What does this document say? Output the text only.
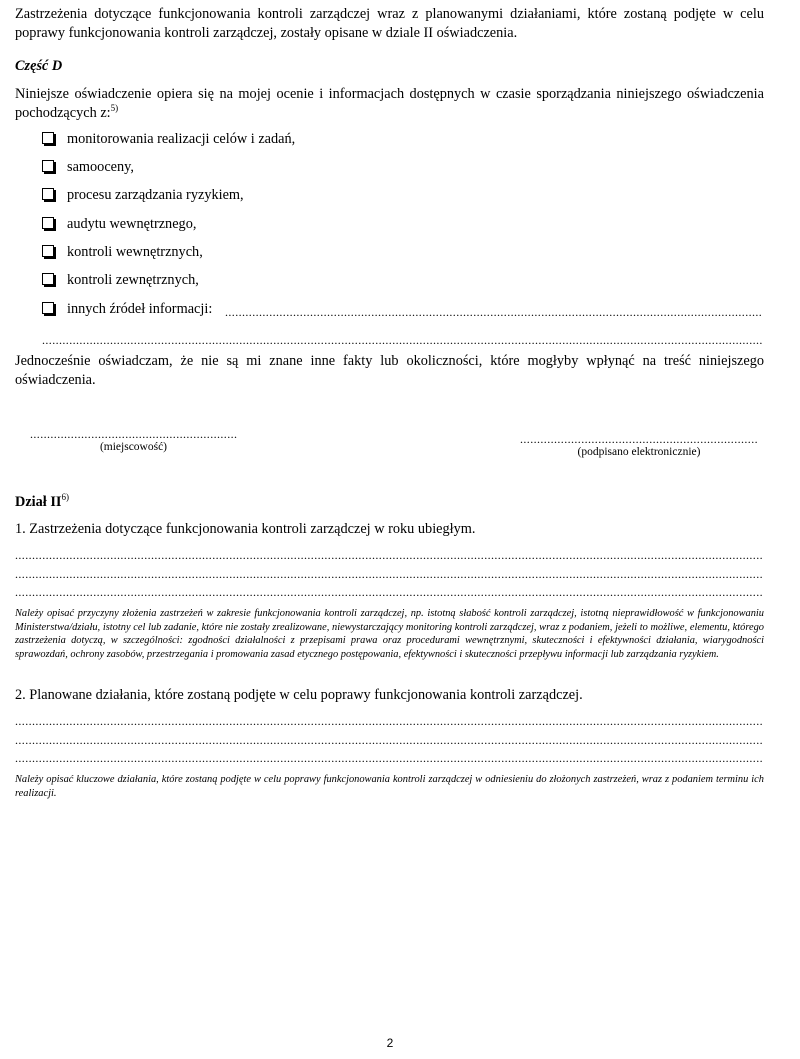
Zastrzeżenia dotyczące funkcjonowania kontroli zarządczej wraz z planowanymi działaniami, które zostaną podjęte w celu poprawy funkcjonowania kontroli zarządczej, zostały opisane w dziale II oświadczenia.
Część D
Niniejsze oświadczenie opiera się na mojej ocenie i informacjach dostępnych w czasie sporządzania niniejszego oświadczenia pochodzących z:$^{5)}$
monitorowania realizacji celów i zadań,
samooceny,
procesu zarządzania ryzykiem,
audytu wewnętrznego,
kontroli wewnętrznych,
kontroli zewnętrznych,
innych źródeł informacji:
.....
.....
Jednocześnie oświadczam, że nie są mi znane inne fakty lub okoliczności, które mogłyby wpłynąć na treść niniejszego oświadczenia.
.....
(miejscowość)
.....	(podpisano elektronicznie)
Dział II$^{6)}$
1. Zastrzeżenia dotyczące funkcjonowania kontroli zarządczej w roku ubiegłym.
.....
.....
.....
Należy opisać przyczyny złożenia zastrzeżeń w zakresie funkcjonowania kontroli zarządczej, np. istotną słabość kontroli zarządczej, istotną nieprawidłowość w funkcjonowaniu Ministerstwa/działu, istotny cel lub zadanie, które nie zostały zrealizowane, niewystarczający monitoring kontroli zarządczej, wraz z podaniem, jeżeli to możliwe, elementu, którego zastrzeżenia dotyczą, w szczególności: zgodności działalności z przepisami prawa oraz procedurami wewnętrznymi, skuteczności i efektywności działania, wiarygodności sprawozdań, ochrony zasobów, przestrzegania i promowania zasad etycznego postępowania, efektywności i skuteczności przepływu informacji lub zarządzania ryzykiem.
2. Planowane działania, które zostaną podjęte w celu poprawy funkcjonowania kontroli zarządczej.
.....
.....
.....
Należy opisać kluczowe działania, które zostaną podjęte w celu poprawy funkcjonowania kontroli zarządczej w odniesieniu do złożonych zastrzeżeń, wraz z podaniem terminu ich realizacji.
2
